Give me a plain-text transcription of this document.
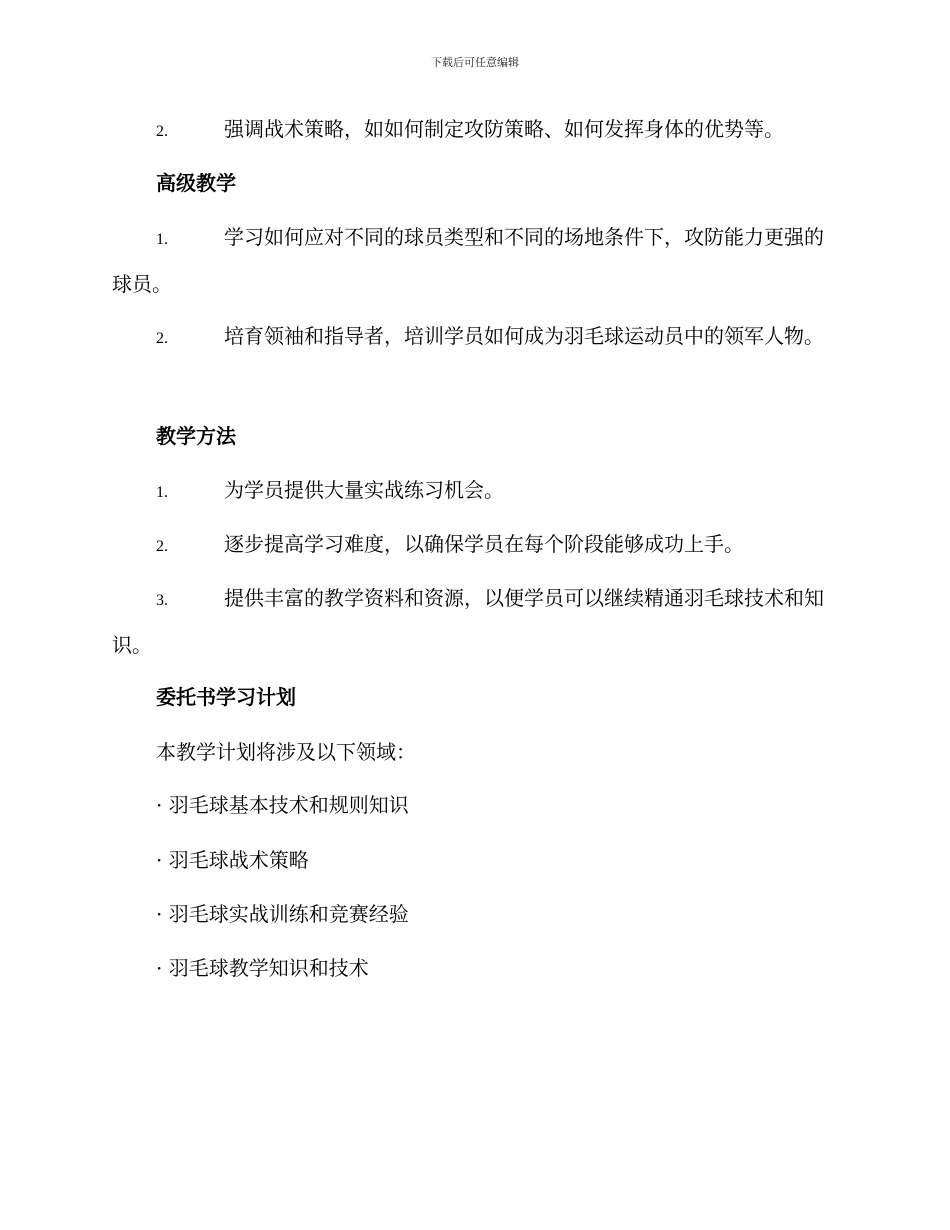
下载后可任意编辑
2.	强调战术策略，如如何制定攻防策略、如何发挥身体的优势等。
高级教学
1.	学习如何应对不同的球员类型和不同的场地条件下，攻防能力更强的球员。
2.	培育领袖和指导者，培训学员如何成为羽毛球运动员中的领军人物。
教学方法
1.	为学员提供大量实战练习机会。
2.	逐步提高学习难度，以确保学员在每个阶段能够成功上手。
3.	提供丰富的教学资料和资源，以便学员可以继续精通羽毛球技术和知识。
委托书学习计划
本教学计划将涉及以下领域：
· 羽毛球基本技术和规则知识
· 羽毛球战术策略
· 羽毛球实战训练和竞赛经验
· 羽毛球教学知识和技术
